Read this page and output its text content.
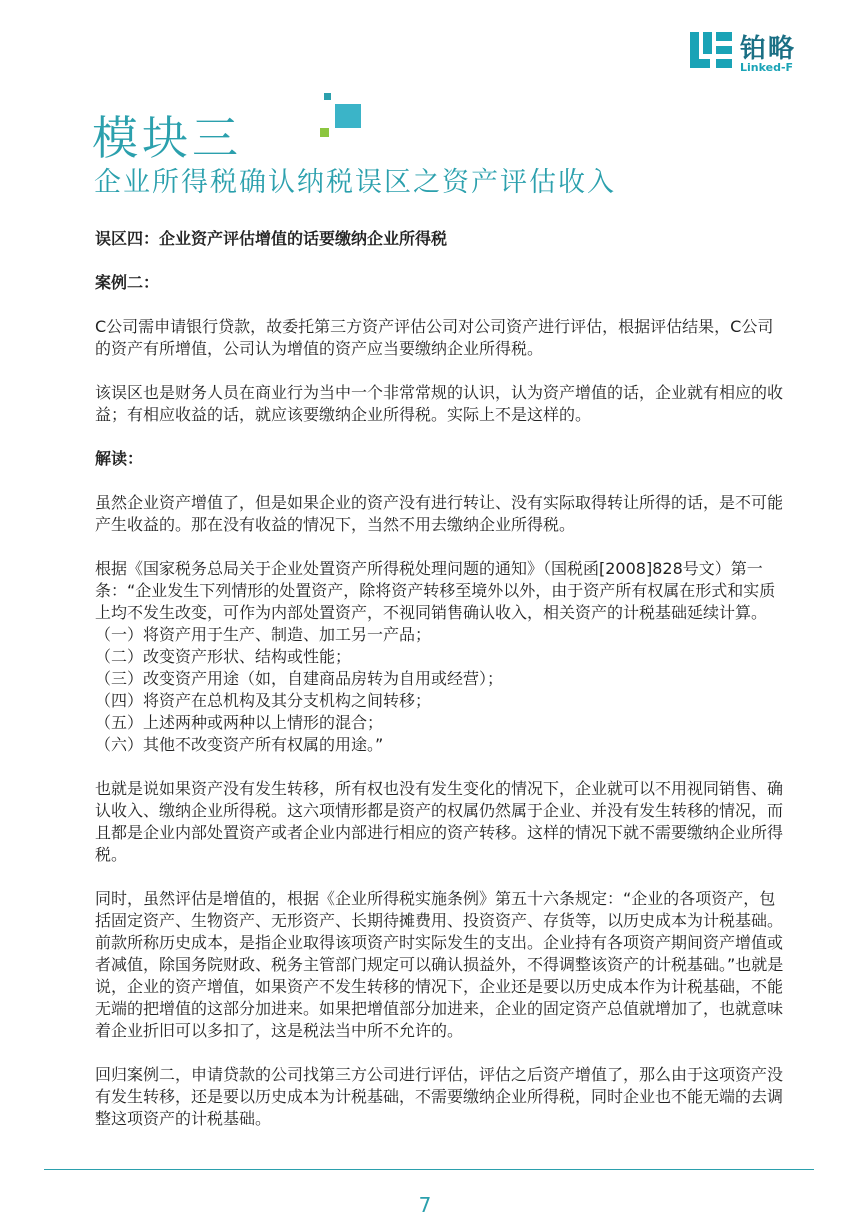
铂略
Linked-F
模块三
企业所得税确认纳税误区之资产评估收入

误区四：企业资产评估增值的话要缴纳企业所得税

案例二：

C公司需申请银行贷款，故委托第三方资产评估公司对公司资产进行评估，根据评估结果，C公司的资产有所增值，公司认为增值的资产应当要缴纳企业所得税。

该误区也是财务人员在商业行为当中一个非常常规的认识，认为资产增值的话，企业就有相应的收益；有相应收益的话，就应该要缴纳企业所得税。实际上不是这样的。

解读：

虽然企业资产增值了，但是如果企业的资产没有进行转让、没有实际取得转让所得的话，是不可能产生收益的。那在没有收益的情况下，当然不用去缴纳企业所得税。

根据《国家税务总局关于企业处置资产所得税处理问题的通知》（国税函[2008]828号文）第一条：“企业发生下列情形的处置资产，除将资产转移至境外以外，由于资产所有权属在形式和实质上均不发生改变，可作为内部处置资产，不视同销售确认收入，相关资产的计税基础延续计算。

（一）将资产用于生产、制造、加工另一产品；
（二）改变资产形状、结构或性能；
（三）改变资产用途（如，自建商品房转为自用或经营）；
（四）将资产在总机构及其分支机构之间转移；
（五）上述两种或两种以上情形的混合；
（六）其他不改变资产所有权属的用途。”

也就是说如果资产没有发生转移，所有权也没有发生变化的情况下，企业就可以不用视同销售、确认收入、缴纳企业所得税。这六项情形都是资产的权属仍然属于企业、并没有发生转移的情况，而且都是企业内部处置资产或者企业内部进行相应的资产转移。这样的情况下就不需要缴纳企业所得税。

同时，虽然评估是增值的，根据《企业所得税实施条例》第五十六条规定：“企业的各项资产，包括固定资产、生物资产、无形资产、长期待摊费用、投资资产、存货等，以历史成本为计税基础。前款所称历史成本，是指企业取得该项资产时实际发生的支出。企业持有各项资产期间资产增值或者减值，除国务院财政、税务主管部门规定可以确认损益外，不得调整该资产的计税基础。”也就是说，企业的资产增值，如果资产不发生转移的情况下，企业还是要以历史成本作为计税基础，不能无端的把增值的这部分加进来。如果把增值部分加进来，企业的固定资产总值就增加了，也就意味着企业折旧可以多扣了，这是税法当中所不允许的。

回归案例二，申请贷款的公司找第三方公司进行评估，评估之后资产增值了，那么由于这项资产没有发生转移，还是要以历史成本为计税基础，不需要缴纳企业所得税，同时企业也不能无端的去调整这项资产的计税基础。

7
